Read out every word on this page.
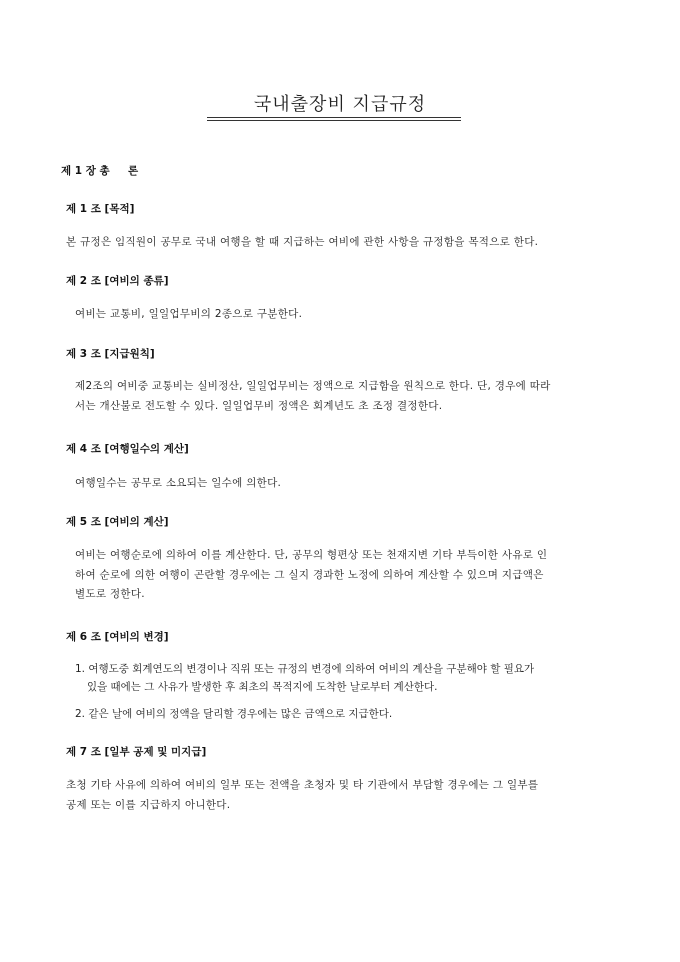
국내출장비 지급규정
제 1 장 총     론
제 1 조 [목적]
본 규정은 임직원이 공무로 국내 여행을 할 때 지급하는 여비에 관한 사항을 규정함을 목적으로 한다.
제 2 조 [여비의 종류]
여비는 교통비, 일일업무비의 2종으로 구분한다.
제 3 조 [지급원칙]
제2조의 여비중 교통비는 실비정산, 일일업무비는 정액으로 지급함을 원칙으로 한다. 단, 경우에 따라
서는 개산불로 전도할 수 있다. 일일업무비 정액은 회계년도 초 조정 결정한다.
제 4 조 [여행일수의 계산]
여행일수는 공무로 소요되는 일수에 의한다.
제 5 조 [여비의 계산]
여비는 여행순로에 의하여 이를 계산한다. 단, 공무의 형편상 또는 천재지변 기타 부득이한 사유로 인
하여 순로에 의한 여행이 곤란할 경우에는 그 실지 경과한 노정에 의하여 계산할 수 있으며 지급액은
별도로 정한다.
제 6 조 [여비의 변경]
1. 여행도중 회계연도의 변경이나 직위 또는 규정의 변경에 의하여 여비의 계산을 구분해야 할 필요가 있을 때에는 그 사유가 발생한 후 최초의 목적지에 도착한 날로부터 계산한다.
2. 같은 날에 여비의 정액을 달리할 경우에는 많은 금액으로 지급한다.
제 7 조 [일부 공제 및 미지급]
초청 기타 사유에 의하여 여비의 일부 또는 전액을 초청자 및 타 기관에서 부담할 경우에는 그 일부를
공제 또는 이를 지급하지 아니한다.
